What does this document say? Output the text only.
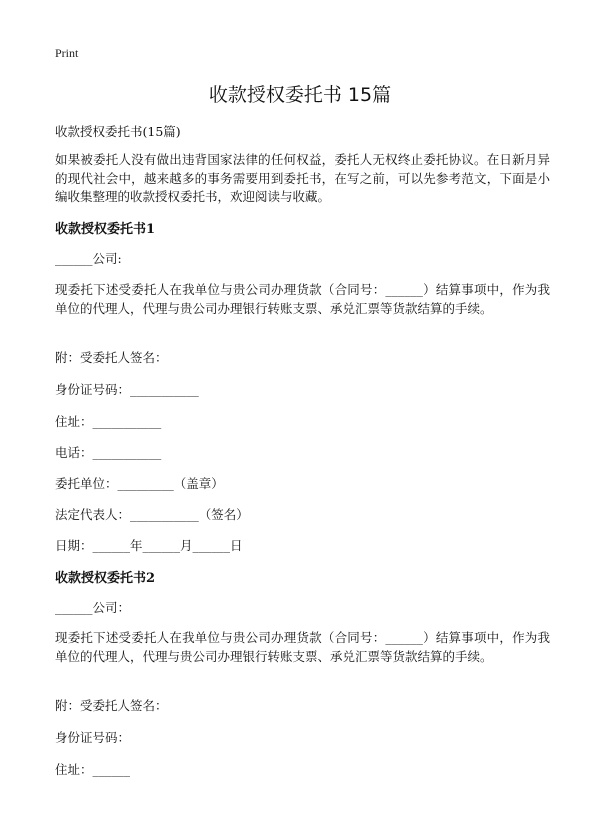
Print
收款授权委托书 15篇
收款授权委托书(15篇)
如果被委托人没有做出违背国家法律的任何权益，委托人无权终止委托协议。在日新月异的现代社会中，越来越多的事务需要用到委托书，在写之前，可以先参考范文，下面是小编收集整理的收款授权委托书，欢迎阅读与收藏。
收款授权委托书1
______公司:
现委托下述受委托人在我单位与贵公司办理货款（合同号：______）结算事项中，作为我单位的代理人，代理与贵公司办理银行转账支票、承兑汇票等货款结算的手续。
附：受委托人签名：
身份证号码：___________
住址：___________
电话：___________
委托单位：_________（盖章）
法定代表人：___________（签名）
日期：______年______月______日
收款授权委托书2
______公司：
现委托下述受委托人在我单位与贵公司办理货款（合同号：______）结算事项中，作为我单位的代理人，代理与贵公司办理银行转账支票、承兑汇票等货款结算的手续。
附：受委托人签名：
身份证号码：
住址：______
